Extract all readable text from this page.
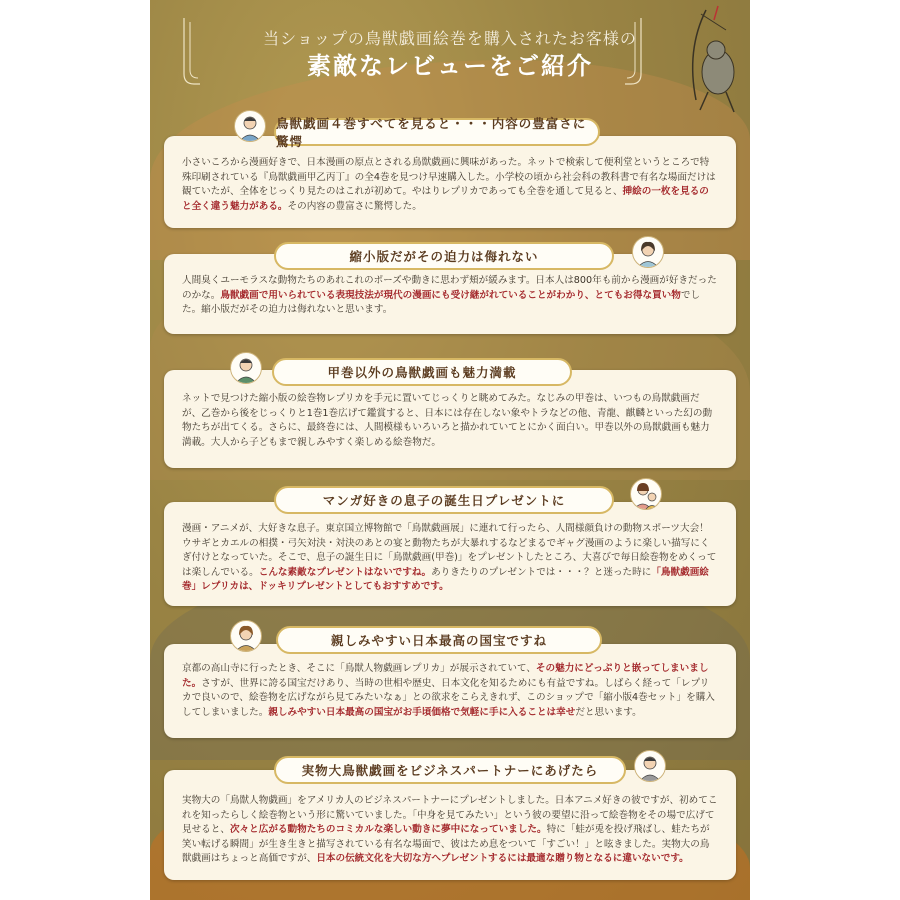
当ショップの鳥獣戯画絵巻を購入されたお客様の
素敵なレビューをご紹介
小さいころから漫画好きで、日本漫画の原点とされる鳥獣戯画に興味があった。ネットで検索して便利堂というところで特殊印刷されている『鳥獣戯画甲乙丙丁』の全4巻を見つけ早速購入した。小学校の頃から社会科の教科書で有名な場面だけは観ていたが、全体をじっくり見たのはこれが初めて。やはりレプリカであっても全巻を通して見ると、挿絵の一枚を見るのと全く違う魅力がある。その内容の豊富さに驚愕した。
鳥獣戯画４巻すべてを見ると・・・内容の豊富さに驚愕
人間臭くユーモラスな動物たちのあれこれのポーズや動きに思わず頬が緩みます。日本人は800年も前から漫画が好きだったのかな。鳥獣戯画で用いられている表現技法が現代の漫画にも受け継がれていることがわかり、とてもお得な買い物でした。縮小版だがその迫力は侮れないと思います。
縮小版だがその迫力は侮れない
ネットで見つけた縮小版の絵巻物レプリカを手元に置いてじっくりと眺めてみた。なじみの甲巻は、いつもの鳥獣戯画だが、乙巻から後をじっくりと1巻1巻広げて鑑賞すると、日本には存在しない象やトラなどの他、青龍、麒麟といった幻の動物たちが出てくる。さらに、最終巻には、人間模様もいろいろと描かれていてとにかく面白い。甲巻以外の鳥獣戯画も魅力満載。大人から子どもまで親しみやすく楽しめる絵巻物だ。
甲巻以外の鳥獣戯画も魅力満載
漫画・アニメが、大好きな息子。東京国立博物館で「鳥獣戯画展」に連れて行ったら、人間様顔負けの動物スポーツ大会！ウサギとカエルの相撲・弓矢対決・対決のあとの宴と動物たちが大暴れするなどまるでギャグ漫画のように楽しい描写にくぎ付けとなっていた。そこで、息子の誕生日に「鳥獣戯画(甲巻)」をプレゼントしたところ、大喜びで毎日絵巻物をめくっては楽しんでいる。こんな素敵なプレゼントはないですね。ありきたりのプレゼントでは・・・？と迷った時に「鳥獣戯画絵巻」レプリカは、ドッキリプレゼントとしてもおすすめです。
マンガ好きの息子の誕生日プレゼントに
京都の高山寺に行ったとき、そこに「鳥獣人物戯画レプリカ」が展示されていて、その魅力にどっぷりと嵌ってしまいました。さすが、世界に誇る国宝だけあり、当時の世相や歴史、日本文化を知るためにも有益ですね。しばらく経って「レプリカで良いので、絵巻物を広げながら見てみたいなぁ」との欲求をこらえきれず、このショップで「縮小版4巻セット」を購入してしまいました。親しみやすい日本最高の国宝がお手頃価格で気軽に手に入ることは幸せだと思います。
親しみやすい日本最高の国宝ですね
実物大の「鳥獣人物戯画」をアメリカ人のビジネスパートナーにプレゼントしました。日本アニメ好きの彼ですが、初めてこれを知ったらしく絵巻物という形に驚いていました。「中身を見てみたい」という彼の要望に沿って絵巻物をその場で広げて見せると、次々と広がる動物たちのコミカルな楽しい動きに夢中になっていました。特に「蛙が兎を投げ飛ばし、蛙たちが笑い転げる瞬間」が生き生きと描写されている有名な場面で、彼はため息をついて「すごい！」と呟きました。実物大の鳥獣戯画はちょっと高価ですが、日本の伝統文化を大切な方へプレゼントするには最適な贈り物となるに違いないです。
実物大鳥獣戯画をビジネスパートナーにあげたら
